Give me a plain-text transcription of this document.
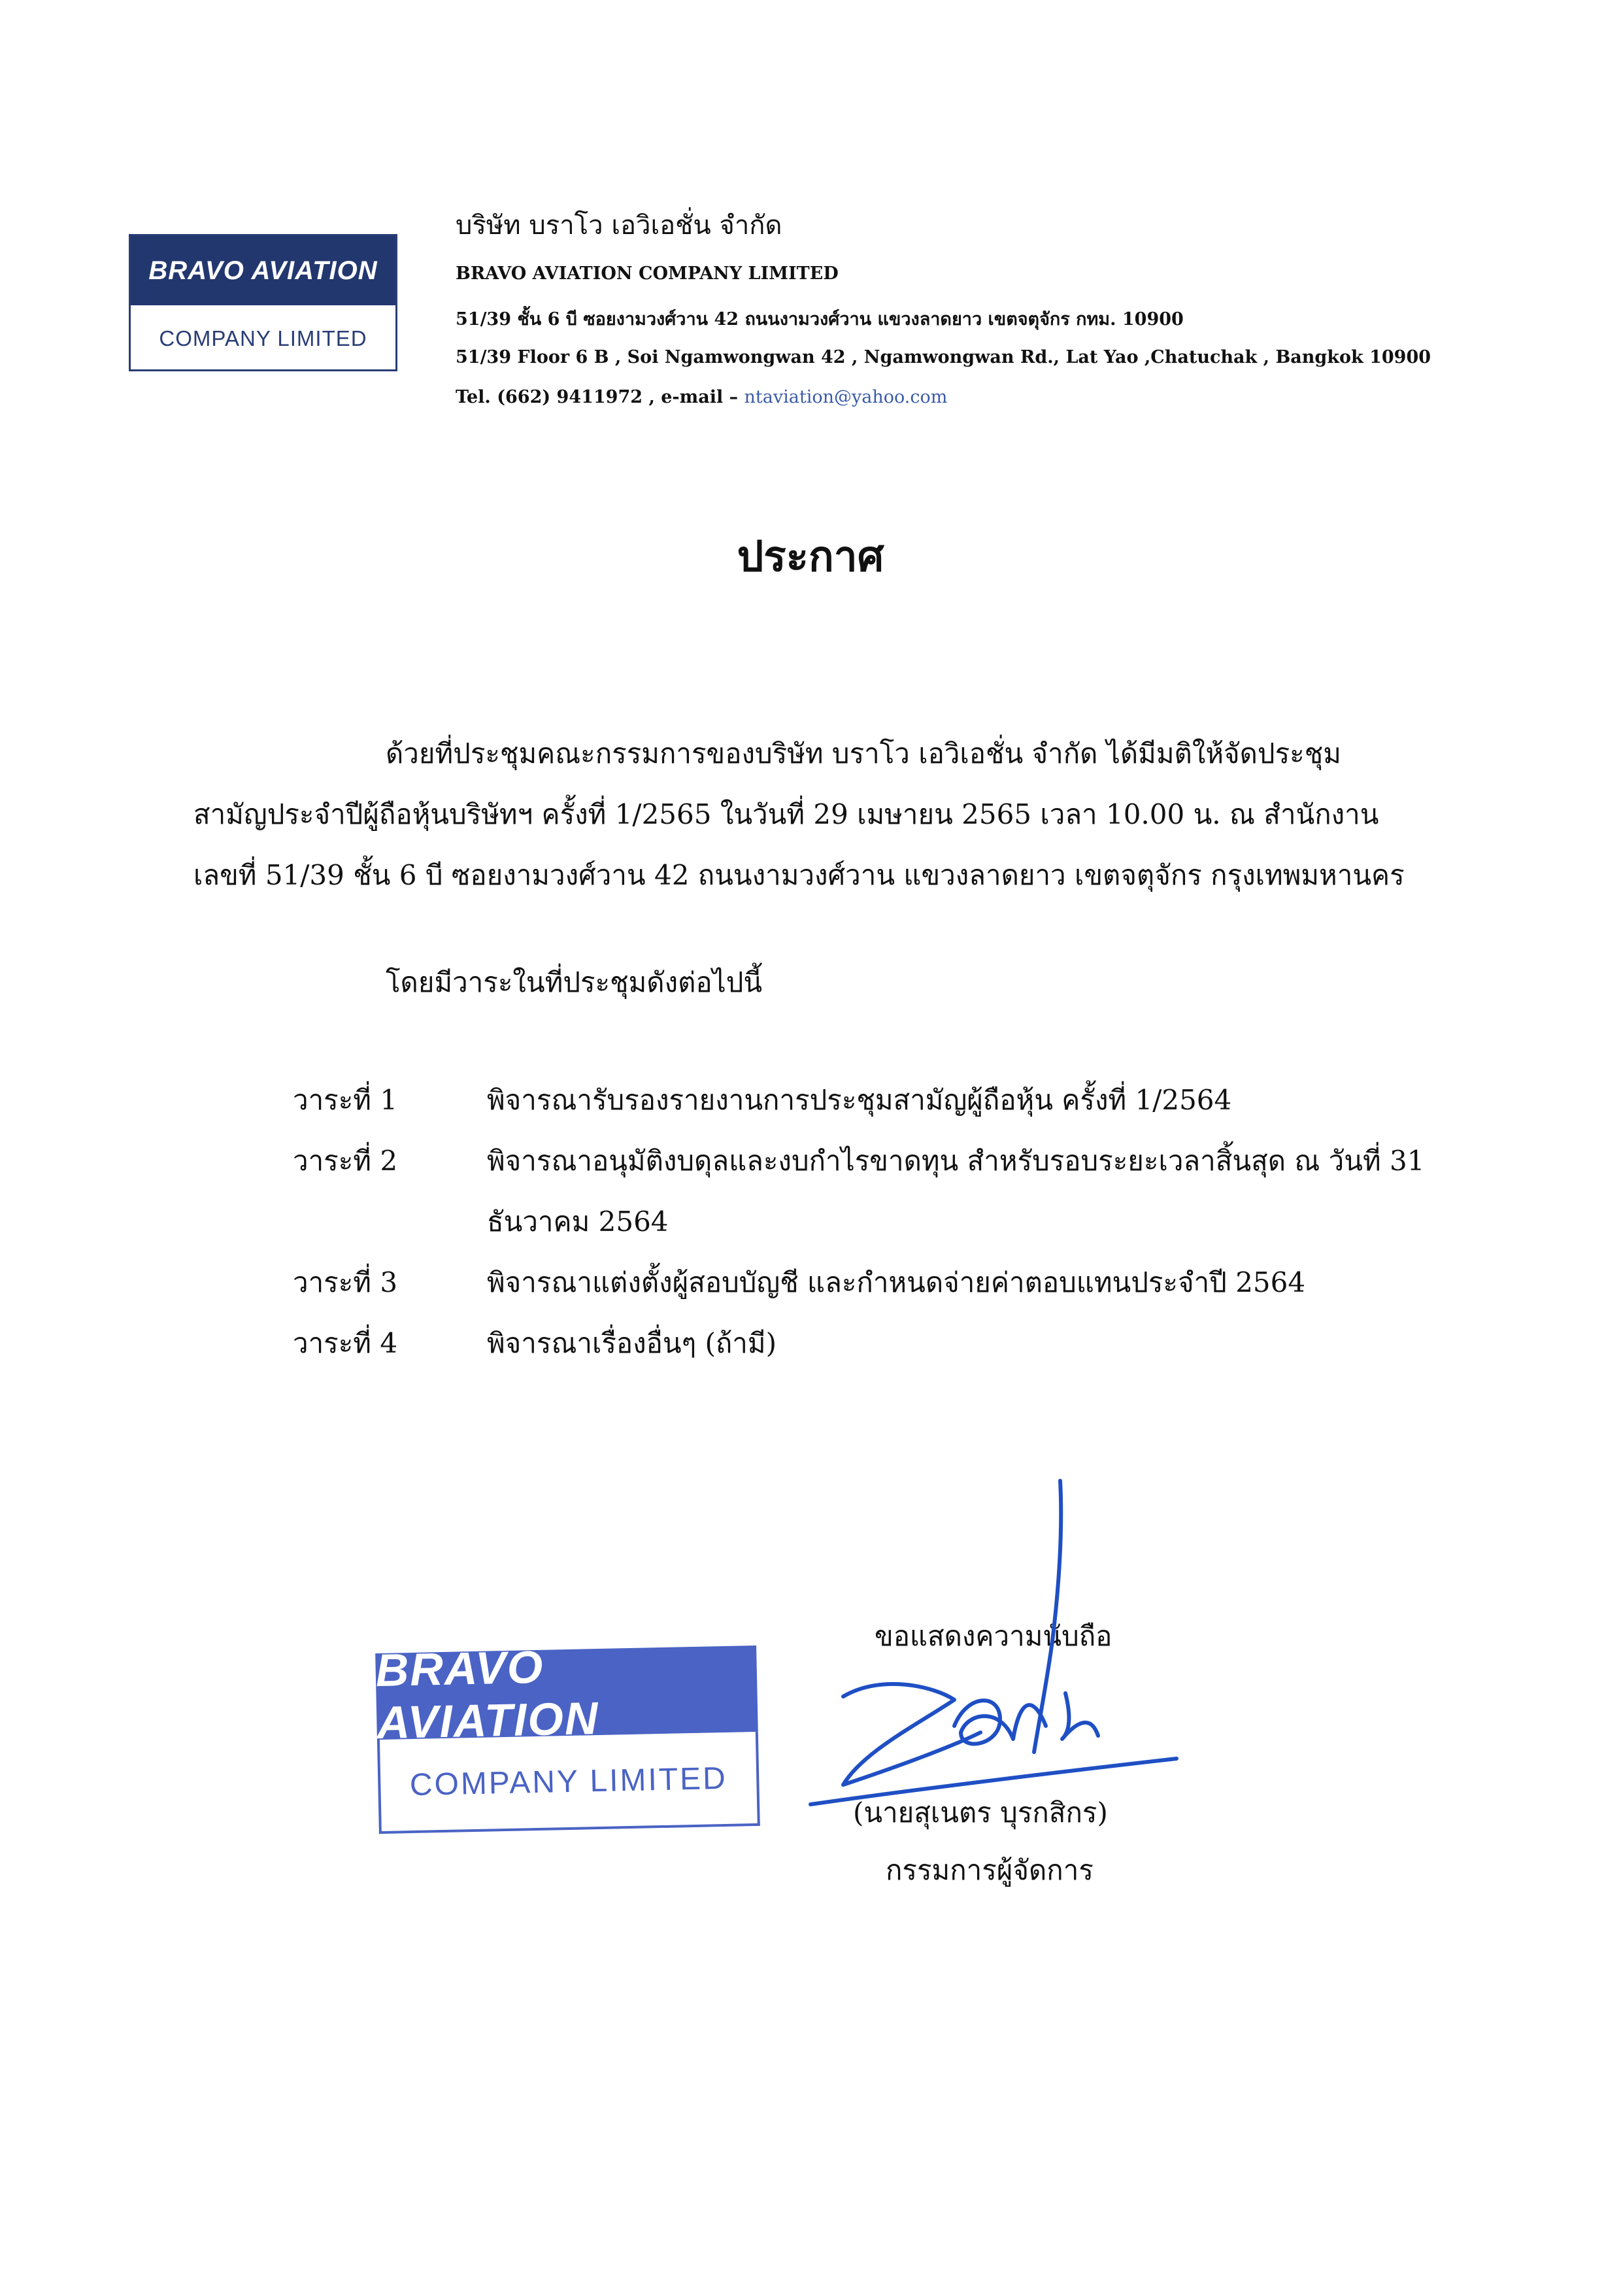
BRAVO AVIATION
COMPANY LIMITED
บริษัท บราโว เอวิเอชั่น จำกัด
BRAVO AVIATION COMPANY LIMITED
51/39 ชั้น 6 บี ซอยงามวงศ์วาน 42 ถนนงามวงศ์วาน แขวงลาดยาว เขตจตุจักร กทม. 10900
51/39 Floor 6 B , Soi Ngamwongwan 42 , Ngamwongwan Rd., Lat Yao ,Chatuchak , Bangkok 10900
Tel. (662) 9411972 , e-mail – ntaviation@yahoo.com
ประกาศ
ด้วยที่ประชุมคณะกรรมการของบริษัท บราโว เอวิเอชั่น จำกัด ได้มีมติให้จัดประชุม
สามัญประจำปีผู้ถือหุ้นบริษัทฯ ครั้งที่ 1/2565 ในวันที่ 29 เมษายน 2565 เวลา 10.00 น. ณ สำนักงาน
เลขที่ 51/39 ชั้น 6 บี ซอยงามวงศ์วาน 42 ถนนงามวงศ์วาน แขวงลาดยาว เขตจตุจักร กรุงเทพมหานคร
โดยมีวาระในที่ประชุมดังต่อไปนี้
วาระที่ 1	พิจารณารับรองรายงานการประชุมสามัญผู้ถือหุ้น ครั้งที่ 1/2564
วาระที่ 2	พิจารณาอนุมัติงบดุลและงบกำไรขาดทุน สำหรับรอบระยะเวลาสิ้นสุด ณ วันที่ 31
ธันวาคม 2564
วาระที่ 3	พิจารณาแต่งตั้งผู้สอบบัญชี และกำหนดจ่ายค่าตอบแทนประจำปี 2564
วาระที่ 4	พิจารณาเรื่องอื่นๆ (ถ้ามี)
BRAVO AVIATION
COMPANY LIMITED
ขอแสดงความนับถือ
(นายสุเนตร บุรกสิกร)
กรรมการผู้จัดการ
